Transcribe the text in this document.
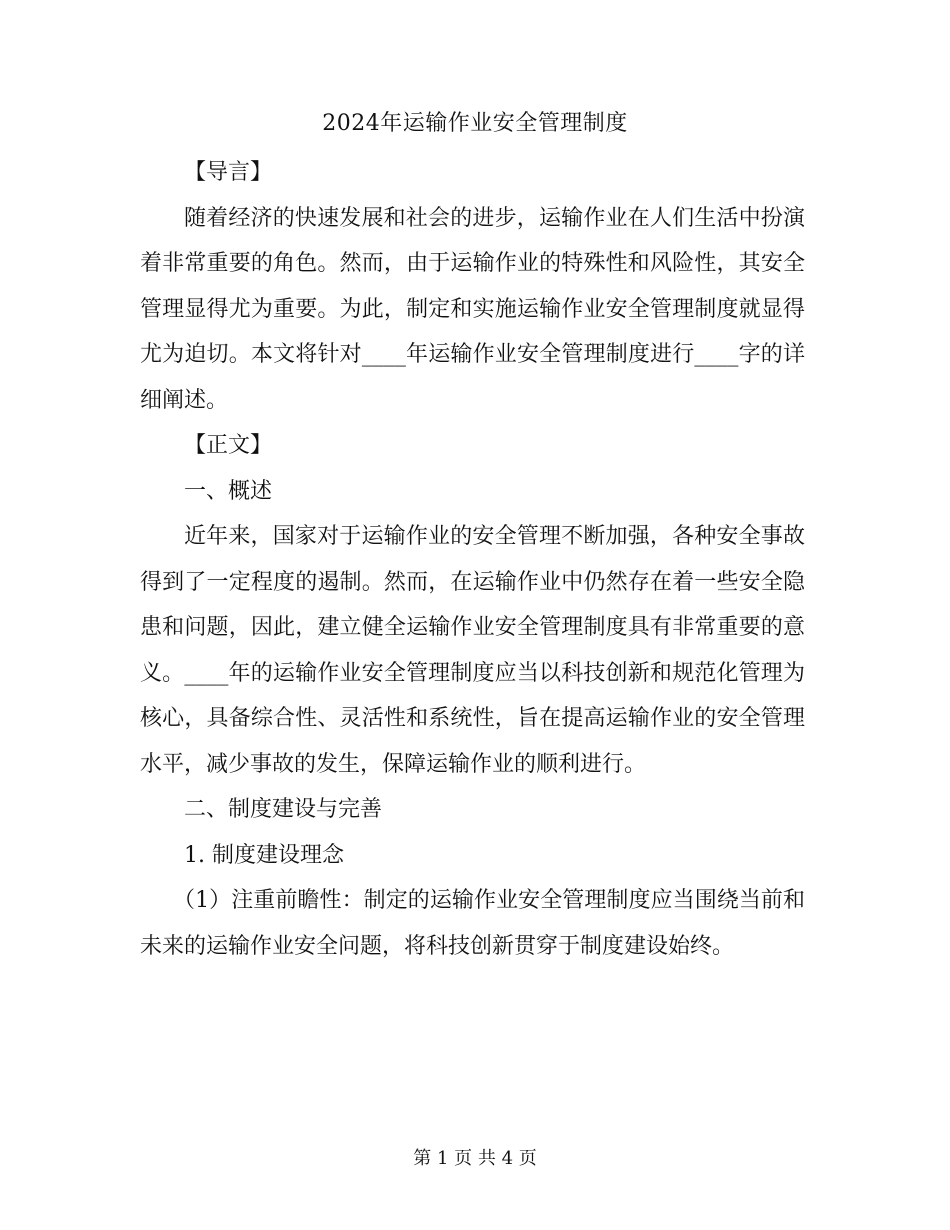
2024年运输作业安全管理制度

【导言】

随着经济的快速发展和社会的进步，运输作业在人们生活中扮演着非常重要的角色。然而，由于运输作业的特殊性和风险性，其安全管理显得尤为重要。为此，制定和实施运输作业安全管理制度就显得尤为迫切。本文将针对____年运输作业安全管理制度进行____字的详细阐述。

【正文】

一、概述

近年来，国家对于运输作业的安全管理不断加强，各种安全事故得到了一定程度的遏制。然而，在运输作业中仍然存在着一些安全隐患和问题，因此，建立健全运输作业安全管理制度具有非常重要的意义。____年的运输作业安全管理制度应当以科技创新和规范化管理为核心，具备综合性、灵活性和系统性，旨在提高运输作业的安全管理水平，减少事故的发生，保障运输作业的顺利进行。

二、制度建设与完善

1. 制度建设理念

（1）注重前瞻性：制定的运输作业安全管理制度应当围绕当前和未来的运输作业安全问题，将科技创新贯穿于制度建设始终。

第 1 页 共 4 页
